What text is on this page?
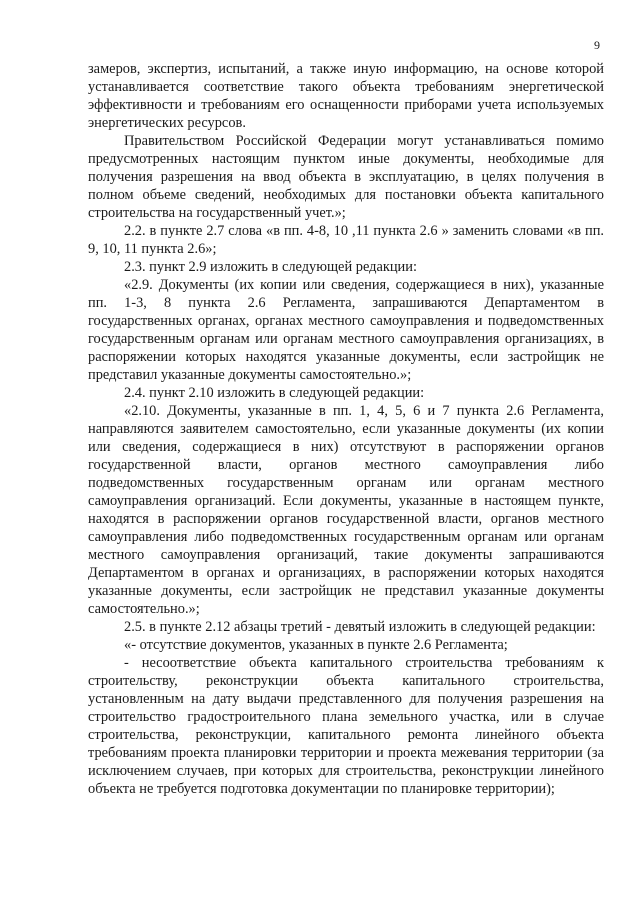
9

замеров, экспертиз, испытаний, а также иную информацию, на основе которой устанавливается соответствие такого объекта требованиям энергетической эффективности и требованиям его оснащенности приборами учета используемых энергетических ресурсов.

Правительством Российской Федерации могут устанавливаться помимо предусмотренных настоящим пунктом иные документы, необходимые для получения разрешения на ввод объекта в эксплуатацию, в целях получения в полном объеме сведений, необходимых для постановки объекта капитального строительства на государственный учет.»;

2.2. в пункте 2.7 слова «в пп. 4-8, 10 ,11 пункта 2.6 » заменить словами «в пп. 9, 10, 11 пункта 2.6»;

2.3. пункт 2.9 изложить в следующей редакции:

«2.9. Документы (их копии или сведения, содержащиеся в них), указанные пп. 1-3, 8 пункта 2.6 Регламента, запрашиваются Департаментом в государственных органах, органах местного самоуправления и подведомственных государственным органам или органам местного самоуправления организациях, в распоряжении которых находятся указанные документы, если застройщик не представил указанные документы самостоятельно.»;

2.4. пункт 2.10 изложить в следующей редакции:

«2.10. Документы, указанные в пп. 1, 4, 5, 6 и 7 пункта 2.6 Регламента, направляются заявителем самостоятельно, если указанные документы (их копии или сведения, содержащиеся в них) отсутствуют в распоряжении органов государственной власти, органов местного самоуправления либо подведомственных государственным органам или органам местного самоуправления организаций. Если документы, указанные в настоящем пункте, находятся в распоряжении органов государственной власти, органов местного самоуправления либо подведомственных государственным органам или органам местного самоуправления организаций, такие документы запрашиваются Департаментом в органах и организациях, в распоряжении которых находятся указанные документы, если застройщик не представил указанные документы самостоятельно.»;

2.5. в пункте 2.12 абзацы третий - девятый изложить в следующей редакции:

«- отсутствие документов, указанных в пункте 2.6 Регламента;

- несоответствие объекта капитального строительства требованиям к строительству, реконструкции объекта капитального строительства, установленным на дату выдачи представленного для получения разрешения на строительство градостроительного плана земельного участка, или в случае строительства, реконструкции, капитального ремонта линейного объекта требованиям проекта планировки территории и проекта межевания территории (за исключением случаев, при которых для строительства, реконструкции линейного объекта не требуется подготовка документации по планировке территории);
